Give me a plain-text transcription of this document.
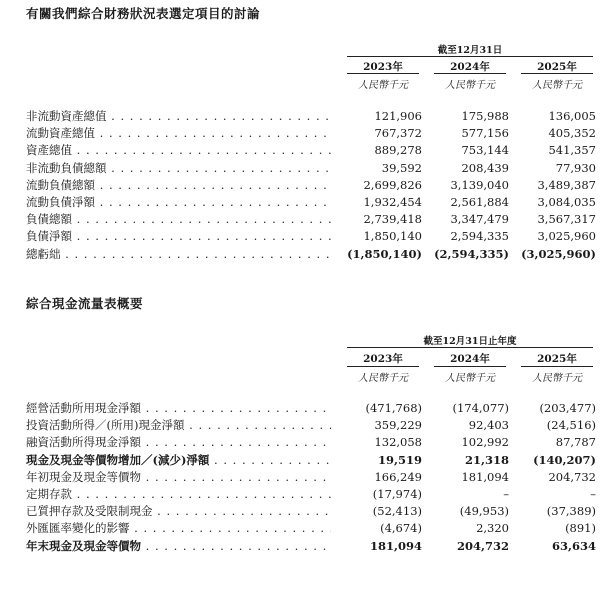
有關我們綜合財務狀況表選定項目的討論
截至12月31日
2023年	2024年	2025年
人民幣千元	人民幣千元	人民幣千元
非流動資產總值 . . .	121,906	175,988	136,005
流動資產總值 . . .	767,372	577,156	405,352
資產總值 . . .	889,278	753,144	541,357
非流動負債總額 . . .	39,592	208,439	77,930
流動負債總額 . . .	2,699,826	3,139,040	3,489,387
流動負債淨額 . . .	1,932,454	2,561,884	3,084,035
負債總額 . . .	2,739,418	3,347,479	3,567,317
負債淨額 . . .	1,850,140	2,594,335	3,025,960
總虧絀 . . .	(1,850,140)	(2,594,335)	(3,025,960)
綜合現金流量表概要
截至12月31日止年度
2023年	2024年	2025年
人民幣千元	人民幣千元	人民幣千元
經營活動所用現金淨額 . . .	(471,768)	(174,077)	(203,477)
投資活動所得／(所用)現金淨額 . . .	359,229	92,403	(24,516)
融資活動所得現金淨額 . . .	132,058	102,992	87,787
現金及現金等價物增加／(減少)淨額 . . .	19,519	21,318	(140,207)
年初現金及現金等價物 . . .	166,249	181,094	204,732
定期存款 . . .	(17,974)	–	–
已質押存款及受限制現金 . . .	(52,413)	(49,953)	(37,389)
外匯匯率變化的影響 . . .	(4,674)	2,320	(891)
年末現金及現金等價物 . . .	181,094	204,732	63,634
